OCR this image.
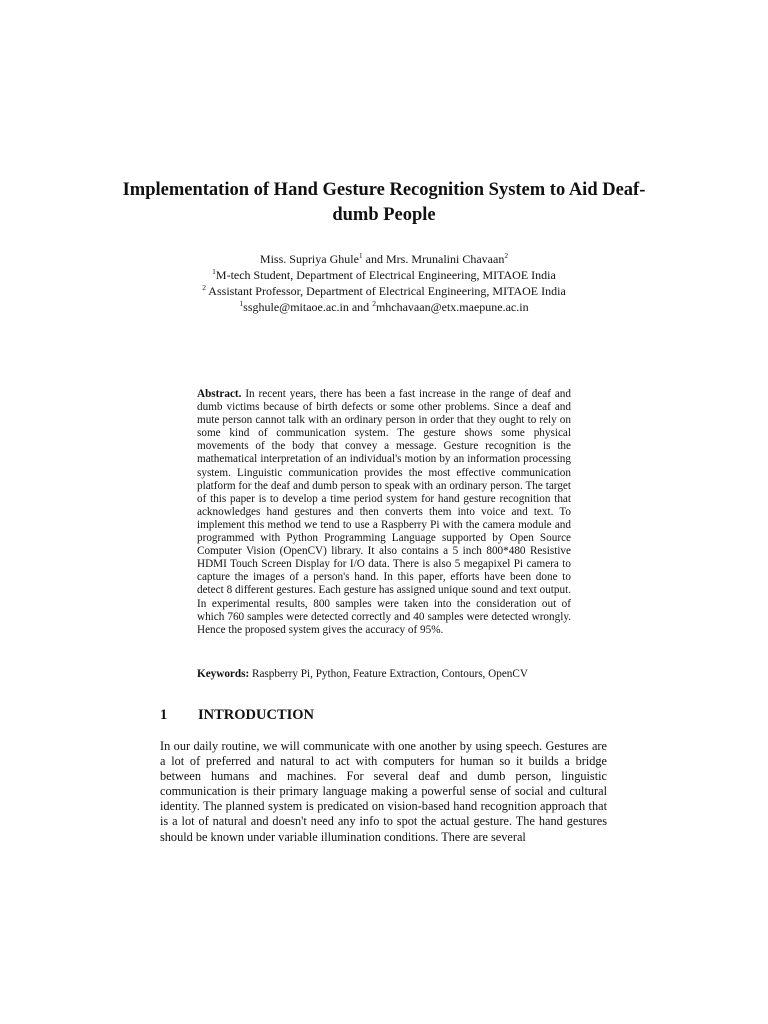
Implementation of Hand Gesture Recognition System to Aid Deaf-dumb People
Miss. Supriya Ghule$^1$ and Mrs. Mrunalini Chavaan$^2$
$^1$M-tech Student, Department of Electrical Engineering, MITAOE India
$^2$ Assistant Professor, Department of Electrical Engineering, MITAOE India
$^1$ssghule@mitaoe.ac.in and $^2$mhchavaan@etx.maepune.ac.in
Abstract. In recent years, there has been a fast increase in the range of deaf and dumb victims because of birth defects or some other problems. Since a deaf and mute person cannot talk with an ordinary person in order that they ought to rely on some kind of communication system. The gesture shows some physical movements of the body that convey a message. Gesture recognition is the mathematical interpretation of an individual's motion by an information processing system. Linguistic communication provides the most effective communication platform for the deaf and dumb person to speak with an ordinary person. The target of this paper is to develop a time period system for hand gesture recognition that acknowledges hand gestures and then converts them into voice and text. To implement this method we tend to use a Raspberry Pi with the camera module and programmed with Python Programming Language supported by Open Source Computer Vision (OpenCV) library. It also contains a 5 inch 800*480 Resistive HDMI Touch Screen Display for I/O data. There is also 5 megapixel Pi camera to capture the images of a person's hand. In this paper, efforts have been done to detect 8 different gestures. Each gesture has assigned unique sound and text output. In experimental results, 800 samples were taken into the consideration out of which 760 samples were detected correctly and 40 samples were detected wrongly. Hence the proposed system gives the accuracy of 95%.
Keywords: Raspberry Pi, Python, Feature Extraction, Contours, OpenCV
1 INTRODUCTION
In our daily routine, we will communicate with one another by using speech. Gestures are a lot of preferred and natural to act with computers for human so it builds a bridge between humans and machines. For several deaf and dumb person, linguistic communication is their primary language making a powerful sense of social and cultural identity. The planned system is predicated on vision-based hand recognition approach that is a lot of natural and doesn't need any info to spot the actual gesture. The hand gestures should be known under variable illumination conditions. There are several
